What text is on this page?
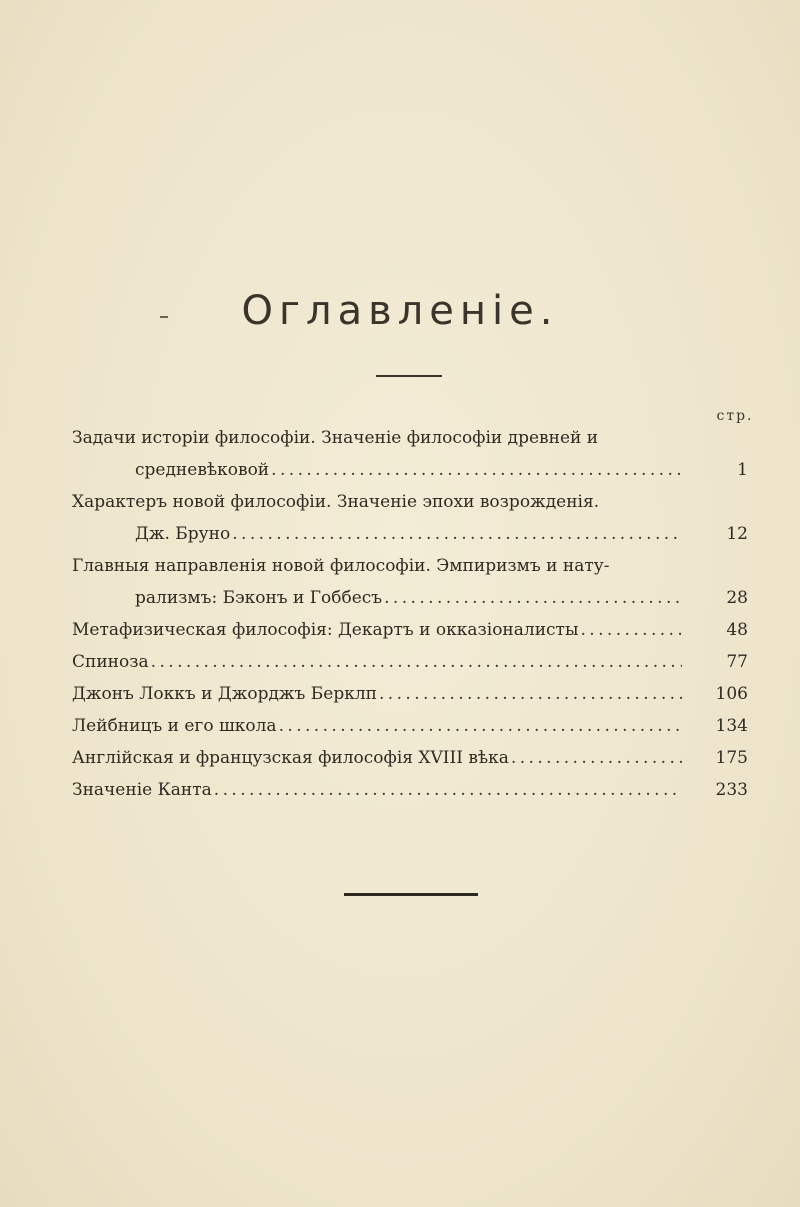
Оглавленіе.
стр.
Задачи исторіи философіи. Значеніе философіи древней и
средневѣковой . . .	1
Характеръ новой философіи. Значеніе эпохи возрожденія.
Дж. Бруно . . .	12
Главныя направленія новой философіи. Эмпиризмъ и нату-
рализмъ: Бэконъ и Гоббесъ . . .	28
Метафизическая философія: Декартъ и окказіоналисты . . .	48
Спиноза . . .	77
Джонъ Локкъ и Джорджъ Берклп . . .	106
Лейбницъ и его школа . . .	134
Англійская и французская философія XVIII вѣка . . .	175
Значеніе Канта . . .	233
